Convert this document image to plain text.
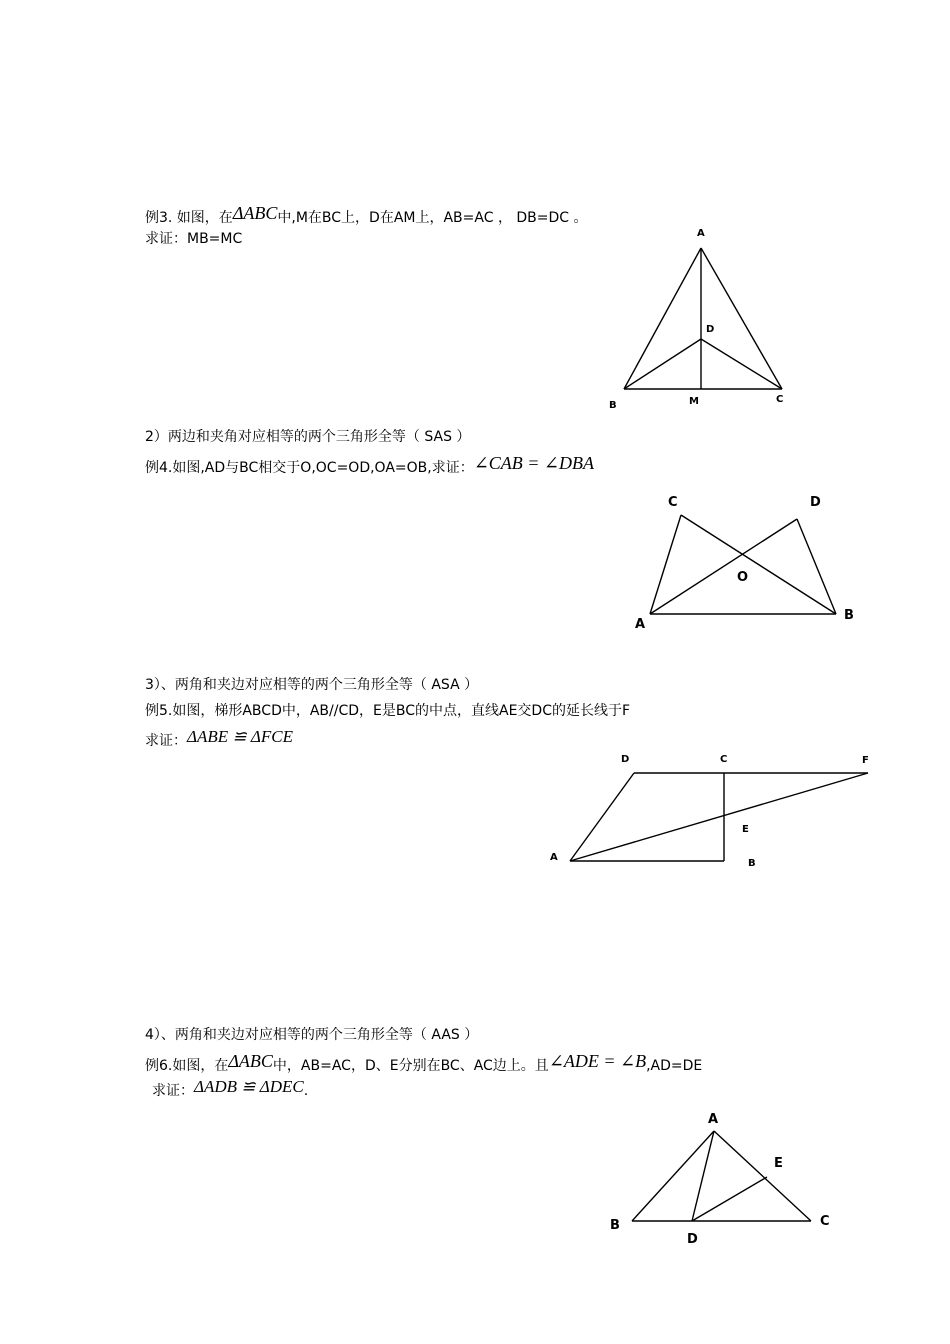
例3. 如图，在ΔABC中,M在BC上，D在AM上，AB=AC ， DB=DC 。
求证：MB=MC	A
D
B	M	C
2）两边和夹角对应相等的两个三角形全等（ SAS ）
例4.如图,AD与BC相交于O,OC=OD,OA=OB,求证：∠CAB = ∠DBA
C	D
O
A
B
3）、两角和夹边对应相等的两个三角形全等（ ASA ）
例5.如图，梯形ABCD中，AB//CD，E是BC的中点，直线AE交DC的延长线于F
求证：ΔABE ≌ ΔFCE
D	C	F
E
A
B
4）、两角和夹边对应相等的两个三角形全等（ AAS ）
例6.如图，在ΔABC中，AB=AC，D、E分别在BC、AC边上。且∠ADE = ∠B,AD=DE
求证：ΔADB ≌ ΔDEC.
A
E
B	C
D
